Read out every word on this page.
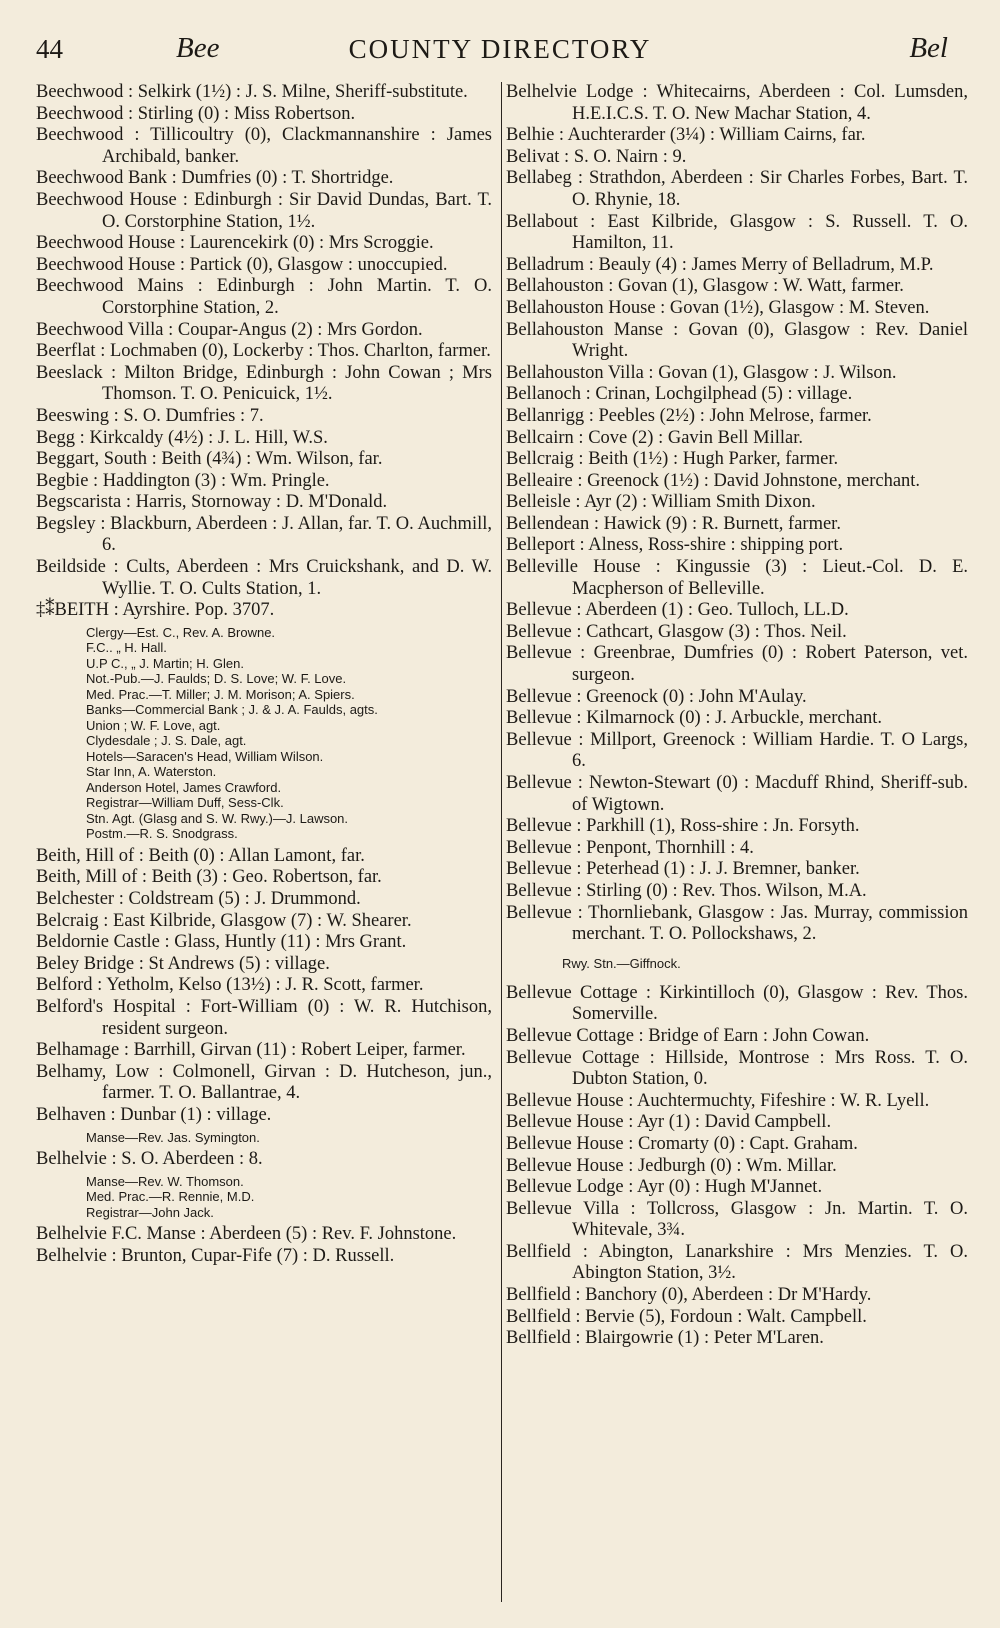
44	Bee	COUNTY DIRECTORY	Bel

Beechwood : Selkirk (1½) : J. S. Milne, Sheriff-substitute.

Beechwood : Stirling (0) : Miss Robertson.

Beechwood : Tillicoultry (0), Clackmannanshire : James Archibald, banker.

Beechwood Bank : Dumfries (0) : T. Shortridge.

Beechwood House : Edinburgh : Sir David Dundas, Bart. T. O. Corstorphine Station, 1½.

Beechwood House : Laurencekirk (0) : Mrs Scroggie.

Beechwood House : Partick (0), Glasgow : unoccupied.

Beechwood Mains : Edinburgh : John Martin. T. O. Corstorphine Station, 2.

Beechwood Villa : Coupar-Angus (2) : Mrs Gordon.

Beerflat : Lochmaben (0), Lockerby : Thos. Charlton, farmer.

Beeslack : Milton Bridge, Edinburgh : John Cowan ; Mrs Thomson. T. O. Penicuick, 1½.

Beeswing : S. O. Dumfries : 7.

Begg : Kirkcaldy (4½) : J. L. Hill, W.S.

Beggart, South : Beith (4¾) : Wm. Wilson, far.

Begbie : Haddington (3) : Wm. Pringle.

Begscarista : Harris, Stornoway : D. M'Donald.

Begsley : Blackburn, Aberdeen : J. Allan, far. T. O. Auchmill, 6.

Beildside : Cults, Aberdeen : Mrs Cruickshank, and D. W. Wyllie. T. O. Cults Station, 1.

‡⁑BEITH : Ayrshire. Pop. 3707.

Clergy—Est. C., Rev. A. Browne.

F.C.. „ H. Hall.

U.P C., „ J. Martin; H. Glen.

Not.-Pub.—J. Faulds; D. S. Love; W. F. Love.

Med. Prac.—T. Miller; J. M. Morison; A. Spiers.

Banks—Commercial Bank ; J. & J. A. Faulds, agts.

Union ; W. F. Love, agt.

Clydesdale ; J. S. Dale, agt.

Hotels—Saracen's Head, William Wilson.

Star Inn, A. Waterston.

Anderson Hotel, James Crawford.

Registrar—William Duff, Sess-Clk.

Stn. Agt. (Glasg and S. W. Rwy.)—J. Lawson.

Postm.—R. S. Snodgrass.

Beith, Hill of : Beith (0) : Allan Lamont, far.

Beith, Mill of : Beith (3) : Geo. Robertson, far.

Belchester : Coldstream (5) : J. Drummond.

Belcraig : East Kilbride, Glasgow (7) : W. Shearer.

Beldornie Castle : Glass, Huntly (11) : Mrs Grant.

Beley Bridge : St Andrews (5) : village.

Belford : Yetholm, Kelso (13½) : J. R. Scott, farmer.

Belford's Hospital : Fort-William (0) : W. R. Hutchison, resident surgeon.

Belhamage : Barrhill, Girvan (11) : Robert Leiper, farmer.

Belhamy, Low : Colmonell, Girvan : D. Hutcheson, jun., farmer. T. O. Ballantrae, 4.

Belhaven : Dunbar (1) : village.

Manse—Rev. Jas. Symington.

Belhelvie : S. O. Aberdeen : 8.

Manse—Rev. W. Thomson.

Med. Prac.—R. Rennie, M.D.

Registrar—John Jack.

Belhelvie F.C. Manse : Aberdeen (5) : Rev. F. Johnstone.

Belhelvie : Brunton, Cupar-Fife (7) : D. Russell.

Belhelvie Lodge : Whitecairns, Aberdeen : Col. Lumsden, H.E.I.C.S. T. O. New Machar Station, 4.

Belhie : Auchterarder (3¼) : William Cairns, far.

Belivat : S. O. Nairn : 9.

Bellabeg : Strathdon, Aberdeen : Sir Charles Forbes, Bart. T. O. Rhynie, 18.

Bellabout : East Kilbride, Glasgow : S. Russell. T. O. Hamilton, 11.

Belladrum : Beauly (4) : James Merry of Belladrum, M.P.

Bellahouston : Govan (1), Glasgow : W. Watt, farmer.

Bellahouston House : Govan (1½), Glasgow : M. Steven.

Bellahouston Manse : Govan (0), Glasgow : Rev. Daniel Wright.

Bellahouston Villa : Govan (1), Glasgow : J. Wilson.

Bellanoch : Crinan, Lochgilphead (5) : village.

Bellanrigg : Peebles (2½) : John Melrose, farmer.

Bellcairn : Cove (2) : Gavin Bell Millar.

Bellcraig : Beith (1½) : Hugh Parker, farmer.

Belleaire : Greenock (1½) : David Johnstone, merchant.

Belleisle : Ayr (2) : William Smith Dixon.

Bellendean : Hawick (9) : R. Burnett, farmer.

Belleport : Alness, Ross-shire : shipping port.

Belleville House : Kingussie (3) : Lieut.-Col. D. E. Macpherson of Belleville.

Bellevue : Aberdeen (1) : Geo. Tulloch, LL.D.

Bellevue : Cathcart, Glasgow (3) : Thos. Neil.

Bellevue : Greenbrae, Dumfries (0) : Robert Paterson, vet. surgeon.

Bellevue : Greenock (0) : John M'Aulay.

Bellevue : Kilmarnock (0) : J. Arbuckle, merchant.

Bellevue : Millport, Greenock : William Hardie. T. O Largs, 6.

Bellevue : Newton-Stewart (0) : Macduff Rhind, Sheriff-sub. of Wigtown.

Bellevue : Parkhill (1), Ross-shire : Jn. Forsyth.

Bellevue : Penpont, Thornhill : 4.

Bellevue : Peterhead (1) : J. J. Bremner, banker.

Bellevue : Stirling (0) : Rev. Thos. Wilson, M.A.

Bellevue : Thornliebank, Glasgow : Jas. Murray, commission merchant. T. O. Pollockshaws, 2.

Rwy. Stn.—Giffnock.

Bellevue Cottage : Kirkintilloch (0), Glasgow : Rev. Thos. Somerville.

Bellevue Cottage : Bridge of Earn : John Cowan.

Bellevue Cottage : Hillside, Montrose : Mrs Ross. T. O. Dubton Station, 0.

Bellevue House : Auchtermuchty, Fifeshire : W. R. Lyell.

Bellevue House : Ayr (1) : David Campbell.

Bellevue House : Cromarty (0) : Capt. Graham.

Bellevue House : Jedburgh (0) : Wm. Millar.

Bellevue Lodge : Ayr (0) : Hugh M'Jannet.

Bellevue Villa : Tollcross, Glasgow : Jn. Martin. T. O. Whitevale, 3¾.

Bellfield : Abington, Lanarkshire : Mrs Menzies. T. O. Abington Station, 3½.

Bellfield : Banchory (0), Aberdeen : Dr M'Hardy.

Bellfield : Bervie (5), Fordoun : Walt. Campbell.

Bellfield : Blairgowrie (1) : Peter M'Laren.
